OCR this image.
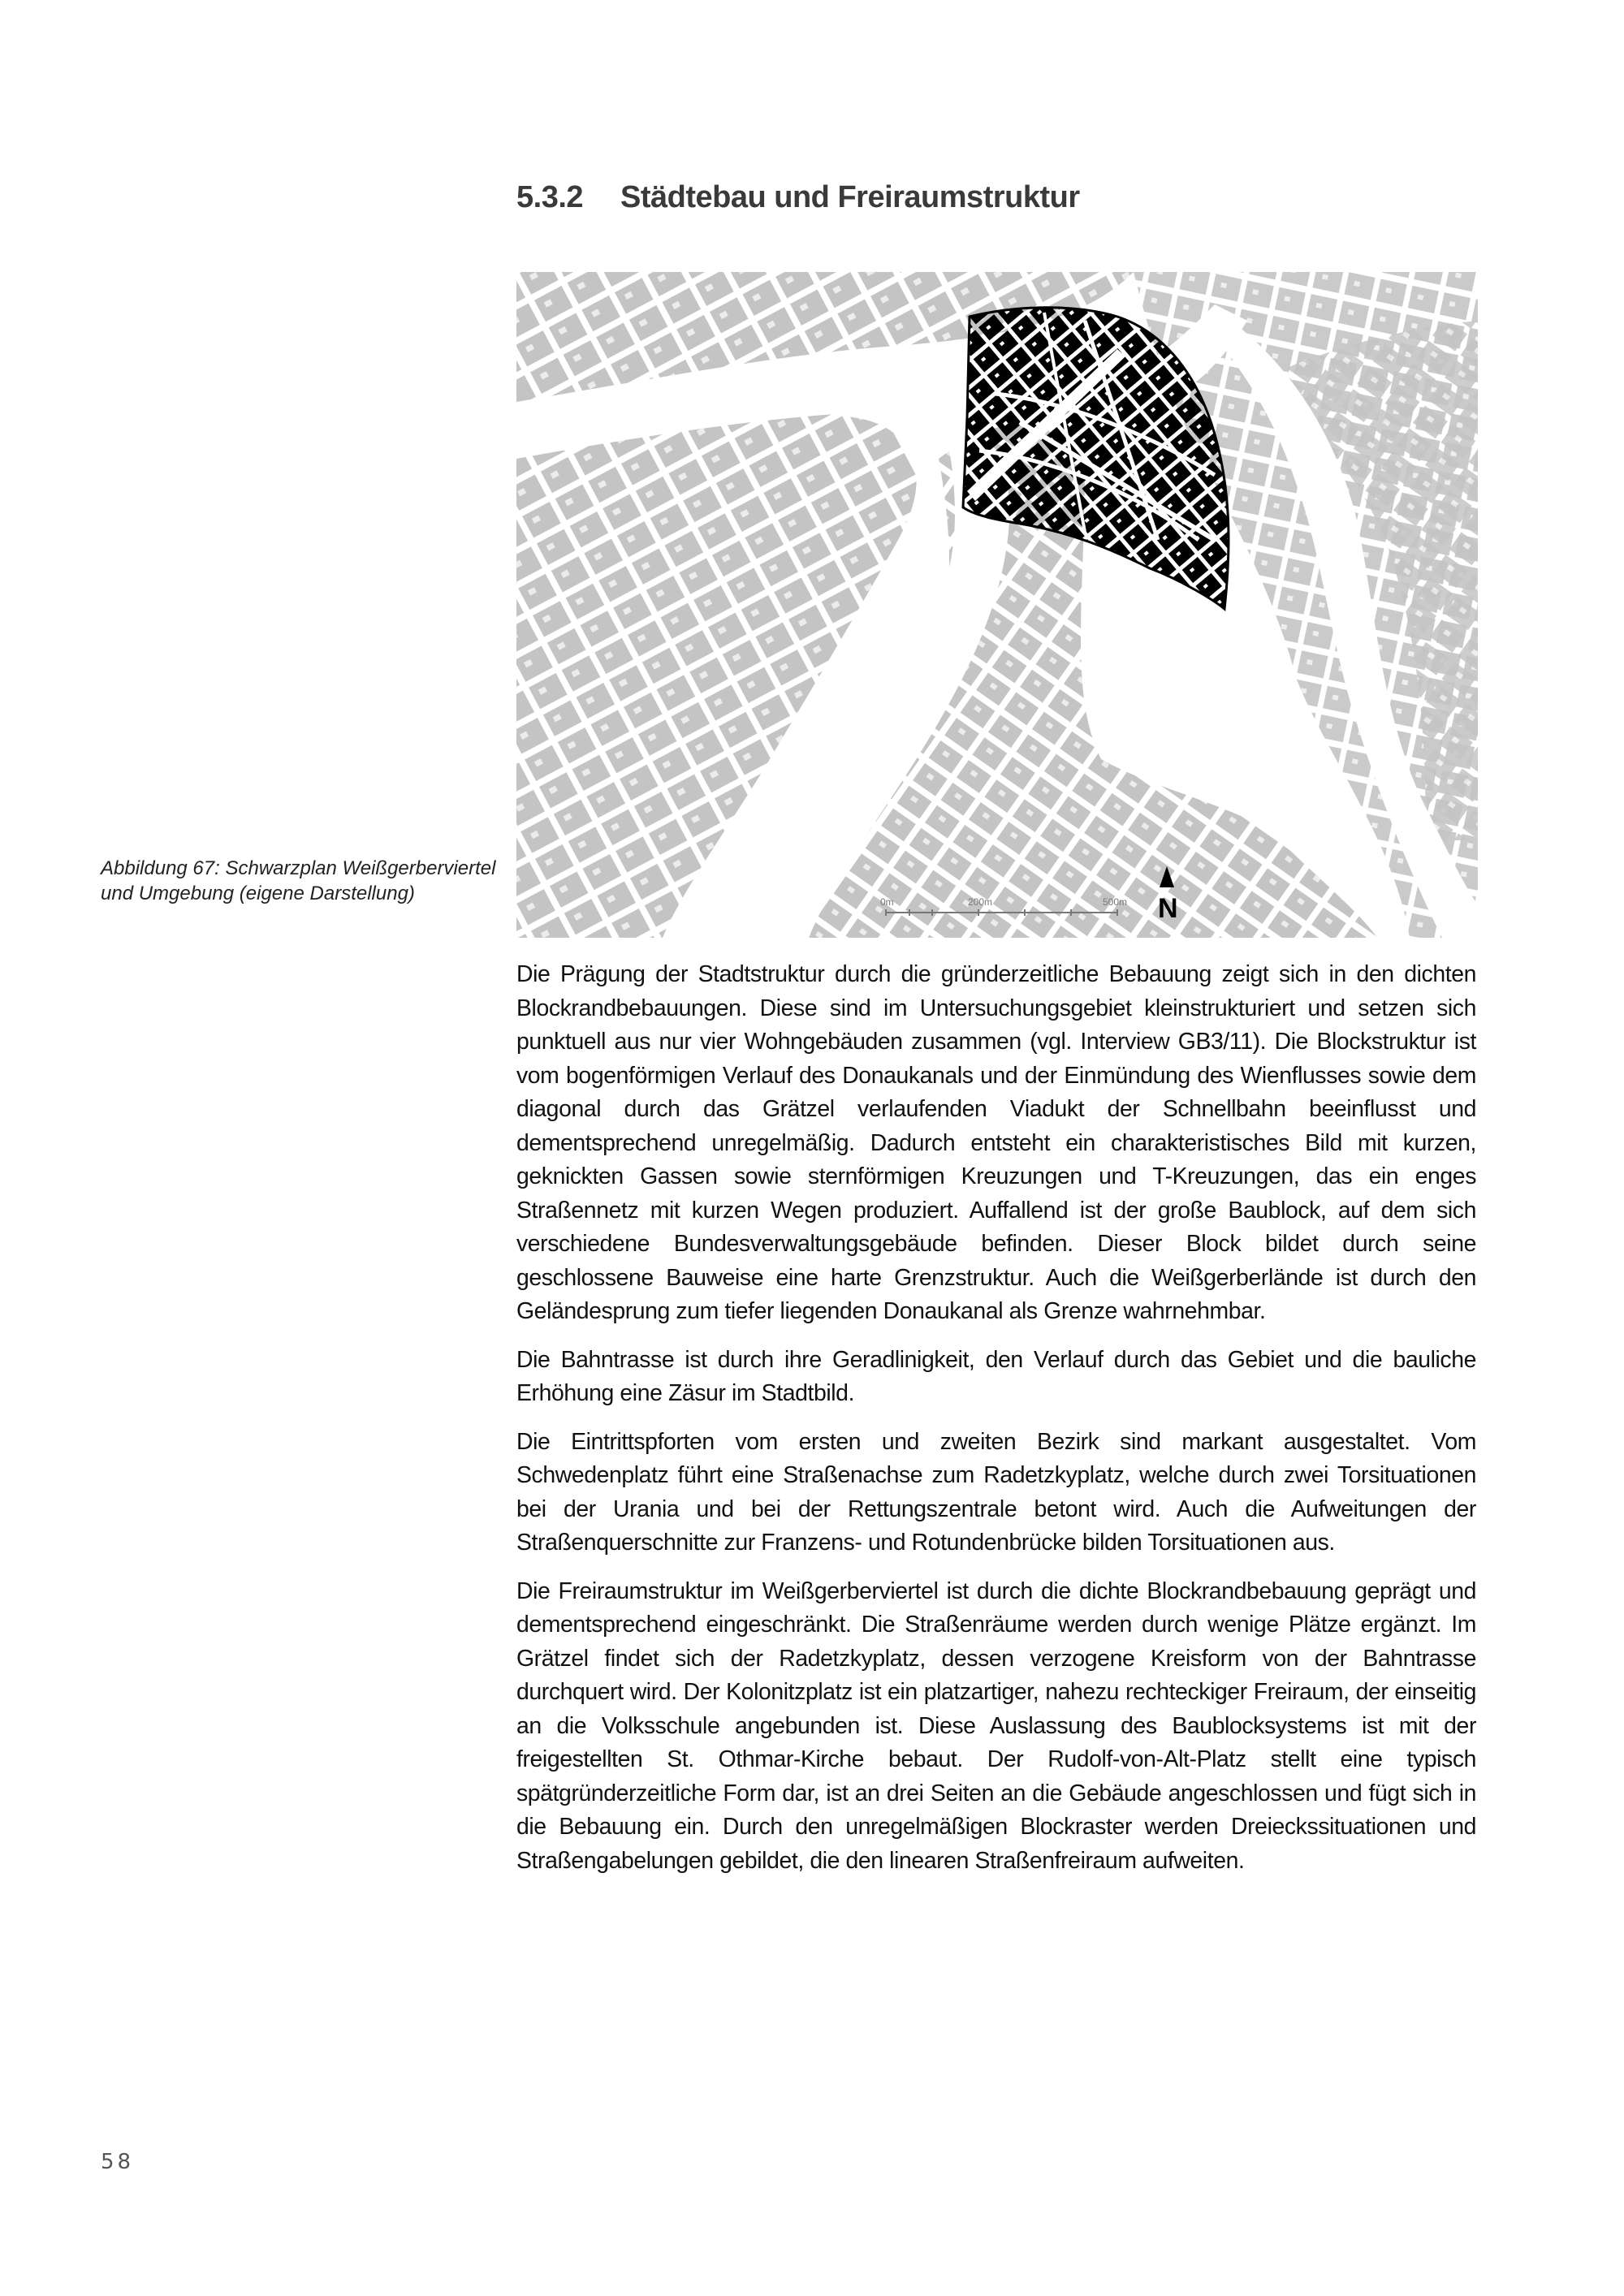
5.3.2 Städtebau und Freiraumstruktur
0m	200m	500m N
Abbildung 67: Schwarzplan Weißgerberviertel und Umgebung (eigene Darstellung)

Die Prägung der Stadtstruktur durch die gründerzeitliche Bebauung zeigt sich in den dichten Blockrandbebauungen. Diese sind im Untersuchungsgebiet kleinstrukturiert und setzen sich punktuell aus nur vier Wohngebäuden zusammen (vgl. Interview GB3/11). Die Blockstruktur ist vom bogenförmigen Verlauf des Donaukanals und der Einmündung des Wienflusses sowie dem diagonal durch das Grätzel verlaufenden Viadukt der Schnellbahn beeinflusst und dementsprechend unregelmäßig. Dadurch entsteht ein charakteristisches Bild mit kurzen, geknickten Gassen sowie sternförmigen Kreuzungen und T-Kreuzungen, das ein enges Straßennetz mit kurzen Wegen produziert. Auffallend ist der große Baublock, auf dem sich verschiedene Bundesverwaltungsgebäude befinden. Dieser Block bildet durch seine geschlossene Bauweise eine harte Grenzstruktur. Auch die Weißgerberlände ist durch den Geländesprung zum tiefer liegenden Donaukanal als Grenze wahrnehmbar.

Die Bahntrasse ist durch ihre Geradlinigkeit, den Verlauf durch das Gebiet und die bauliche Erhöhung eine Zäsur im Stadtbild.

Die Eintrittspforten vom ersten und zweiten Bezirk sind markant ausgestaltet. Vom Schwedenplatz führt eine Straßenachse zum Radetzkyplatz, welche durch zwei Torsituationen bei der Urania und bei der Rettungszentrale betont wird. Auch die Aufweitungen der Straßenquerschnitte zur Franzens- und Rotundenbrücke bilden Torsituationen aus.

Die Freiraumstruktur im Weißgerberviertel ist durch die dichte Blockrandbebauung geprägt und dementsprechend eingeschränkt. Die Straßenräume werden durch wenige Plätze ergänzt. Im Grätzel findet sich der Radetzkyplatz, dessen verzogene Kreisform von der Bahntrasse durchquert wird. Der Kolonitzplatz ist ein platzartiger, nahezu rechteckiger Freiraum, der einseitig an die Volksschule angebunden ist. Diese Auslassung des Baublocksystems ist mit der freigestellten St. Othmar-Kirche bebaut. Der Rudolf-von-Alt-Platz stellt eine typisch spätgründerzeitliche Form dar, ist an drei Seiten an die Gebäude angeschlossen und fügt sich in die Bebauung ein. Durch den unregelmäßigen Blockraster werden Dreieckssituationen und Straßengabelungen gebildet, die den linearen Straßenfreiraum aufweiten.

58
